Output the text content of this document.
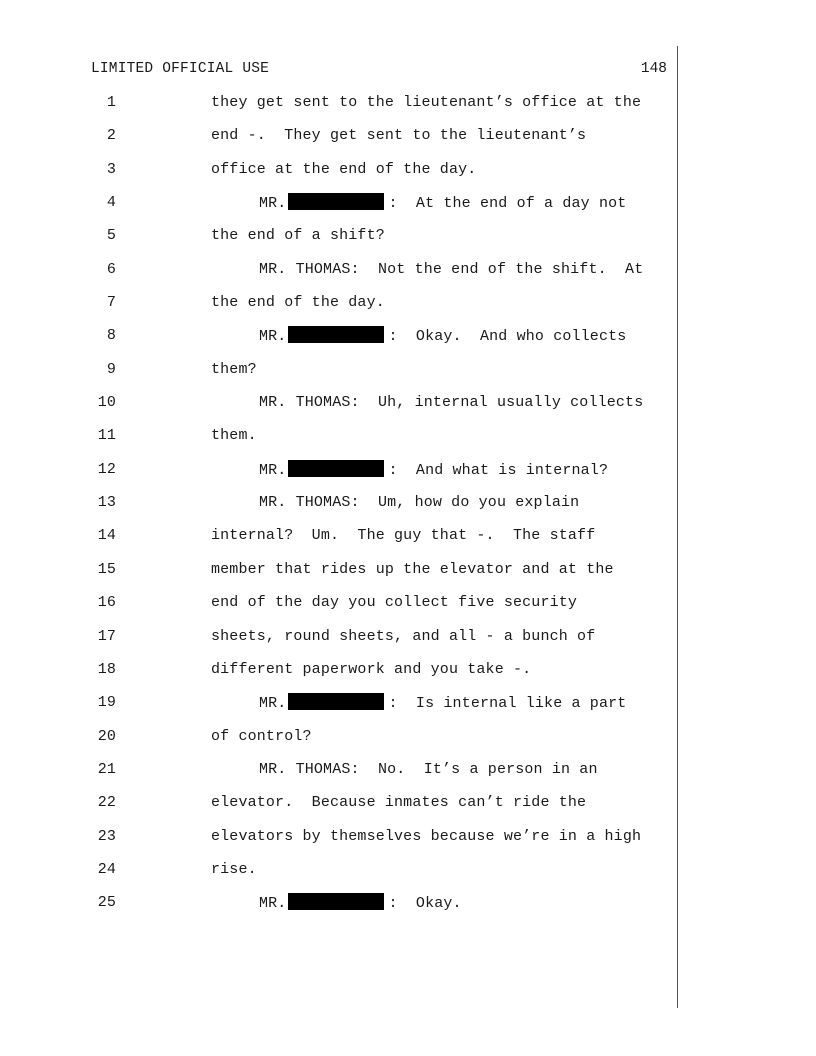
LIMITED OFFICIAL USE	148
1	they get sent to the lieutenant’s office at the
2	end -.  They get sent to the lieutenant’s
3	office at the end of the day.
4	MR.	:  At the end of a day not
5	the end of a shift?
6	MR. THOMAS:  Not the end of the shift.  At
7	the end of the day.
8	MR.	:  Okay.  And who collects
9	them?
10	MR. THOMAS:  Uh, internal usually collects
11	them.
12	MR.	:  And what is internal?
13	MR. THOMAS:  Um, how do you explain
14	internal?  Um.  The guy that -.  The staff
15	member that rides up the elevator and at the
16	end of the day you collect five security
17	sheets, round sheets, and all - a bunch of
18	different paperwork and you take -.
19	MR.	:  Is internal like a part
20	of control?
21	MR. THOMAS:  No.  It’s a person in an
22	elevator.  Because inmates can’t ride the
23	elevators by themselves because we’re in a high
24	rise.
25	MR.	:  Okay.
